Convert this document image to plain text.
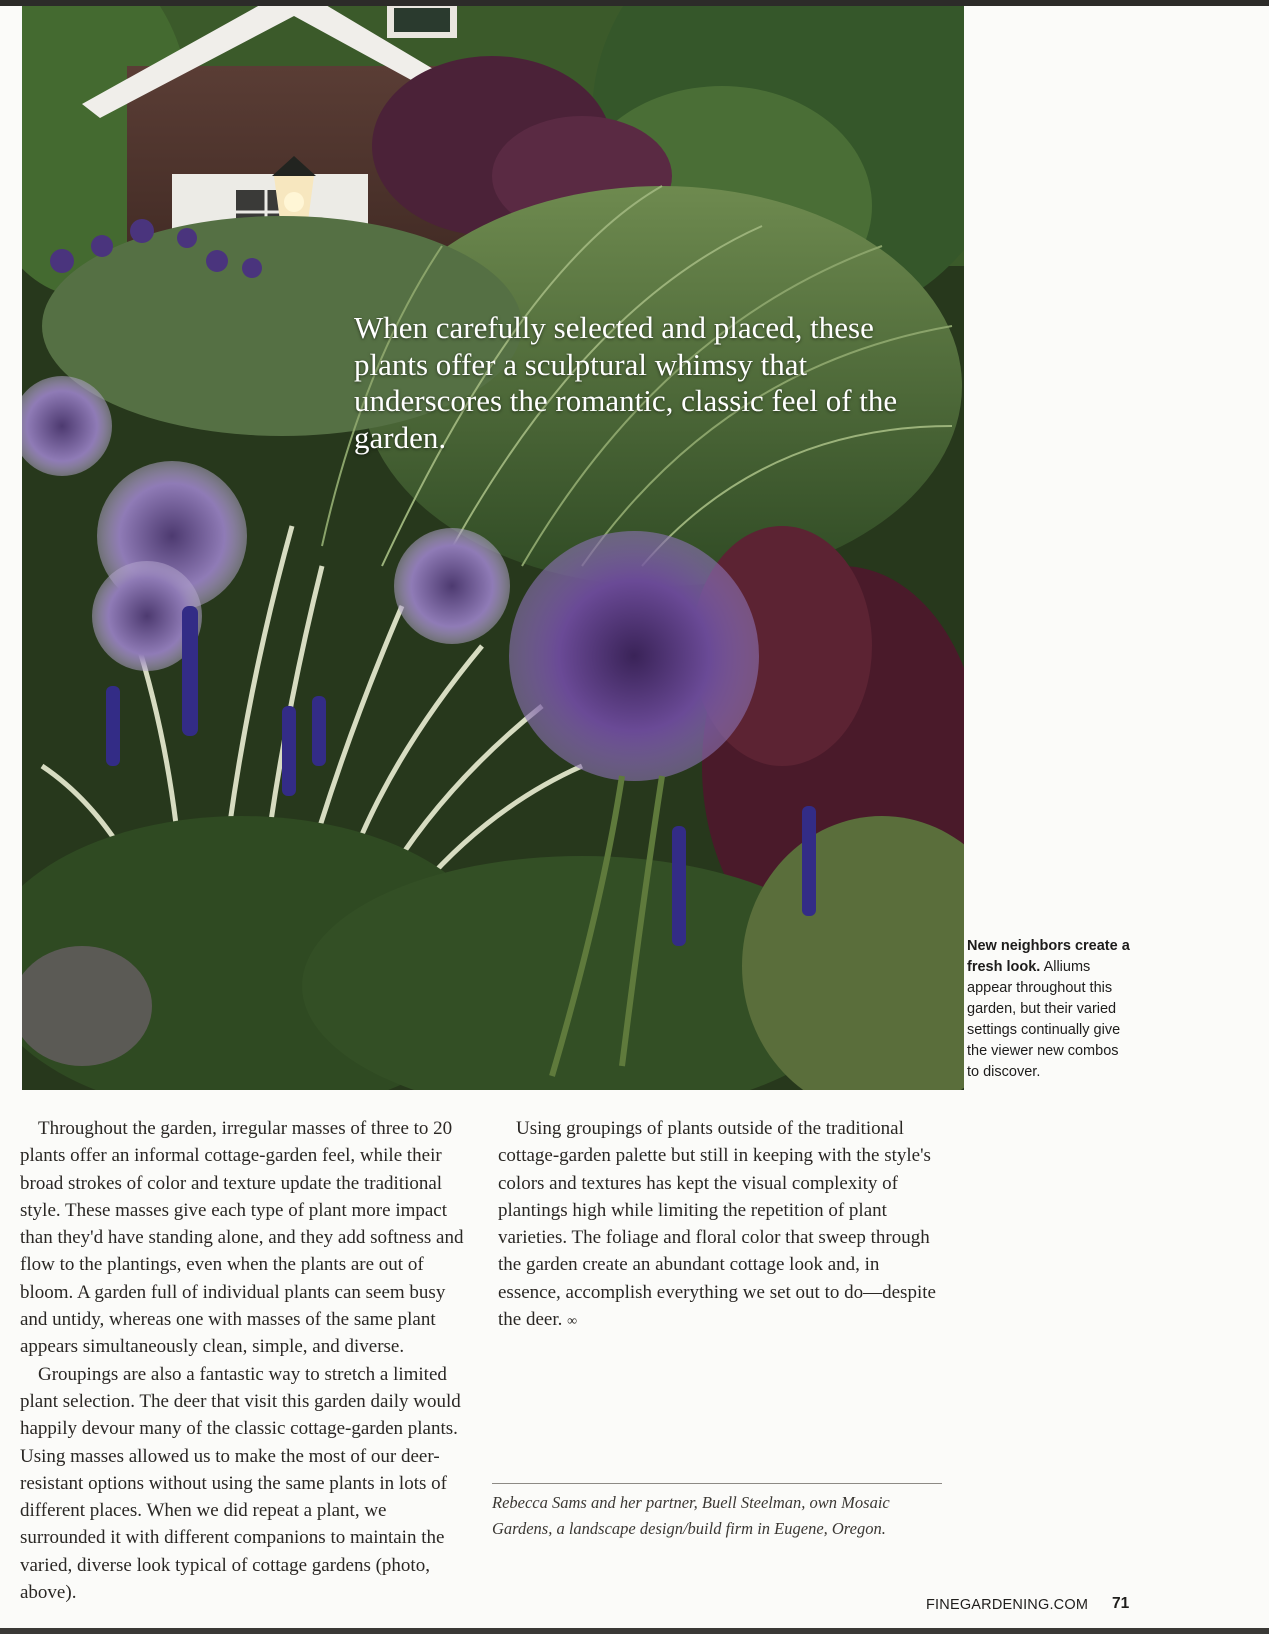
When carefully selected and placed, these plants offer a sculptural whimsy that underscores the romantic, classic feel of the garden.

New neighbors create a fresh look. Alliums appear throughout this garden, but their varied settings continually give the viewer new combos to discover.

Throughout the garden, irregular masses of three to 20 plants offer an informal cottage-garden feel, while their broad strokes of color and texture update the traditional style. These masses give each type of plant more impact than they'd have standing alone, and they add softness and flow to the plantings, even when the plants are out of bloom. A garden full of individual plants can seem busy and untidy, whereas one with masses of the same plant appears simultaneously clean, simple, and diverse.

Groupings are also a fantastic way to stretch a limited plant selection. The deer that visit this garden daily would happily devour many of the classic cottage-garden plants. Using masses allowed us to make the most of our deer-resistant options without using the same plants in lots of different places. When we did repeat a plant, we surrounded it with different companions to maintain the varied, diverse look typical of cottage gardens (photo, above).

Using groupings of plants outside of the traditional cottage-garden palette but still in keeping with the style's colors and textures has kept the visual complexity of plantings high while limiting the repetition of plant varieties. The foliage and floral color that sweep through the garden create an abundant cottage look and, in essence, accomplish everything we set out to do—despite the deer. ∞

Rebecca Sams and her partner, Buell Steelman, own Mosaic Gardens, a landscape design/build firm in Eugene, Oregon.

FINEGARDENING.COM 71
